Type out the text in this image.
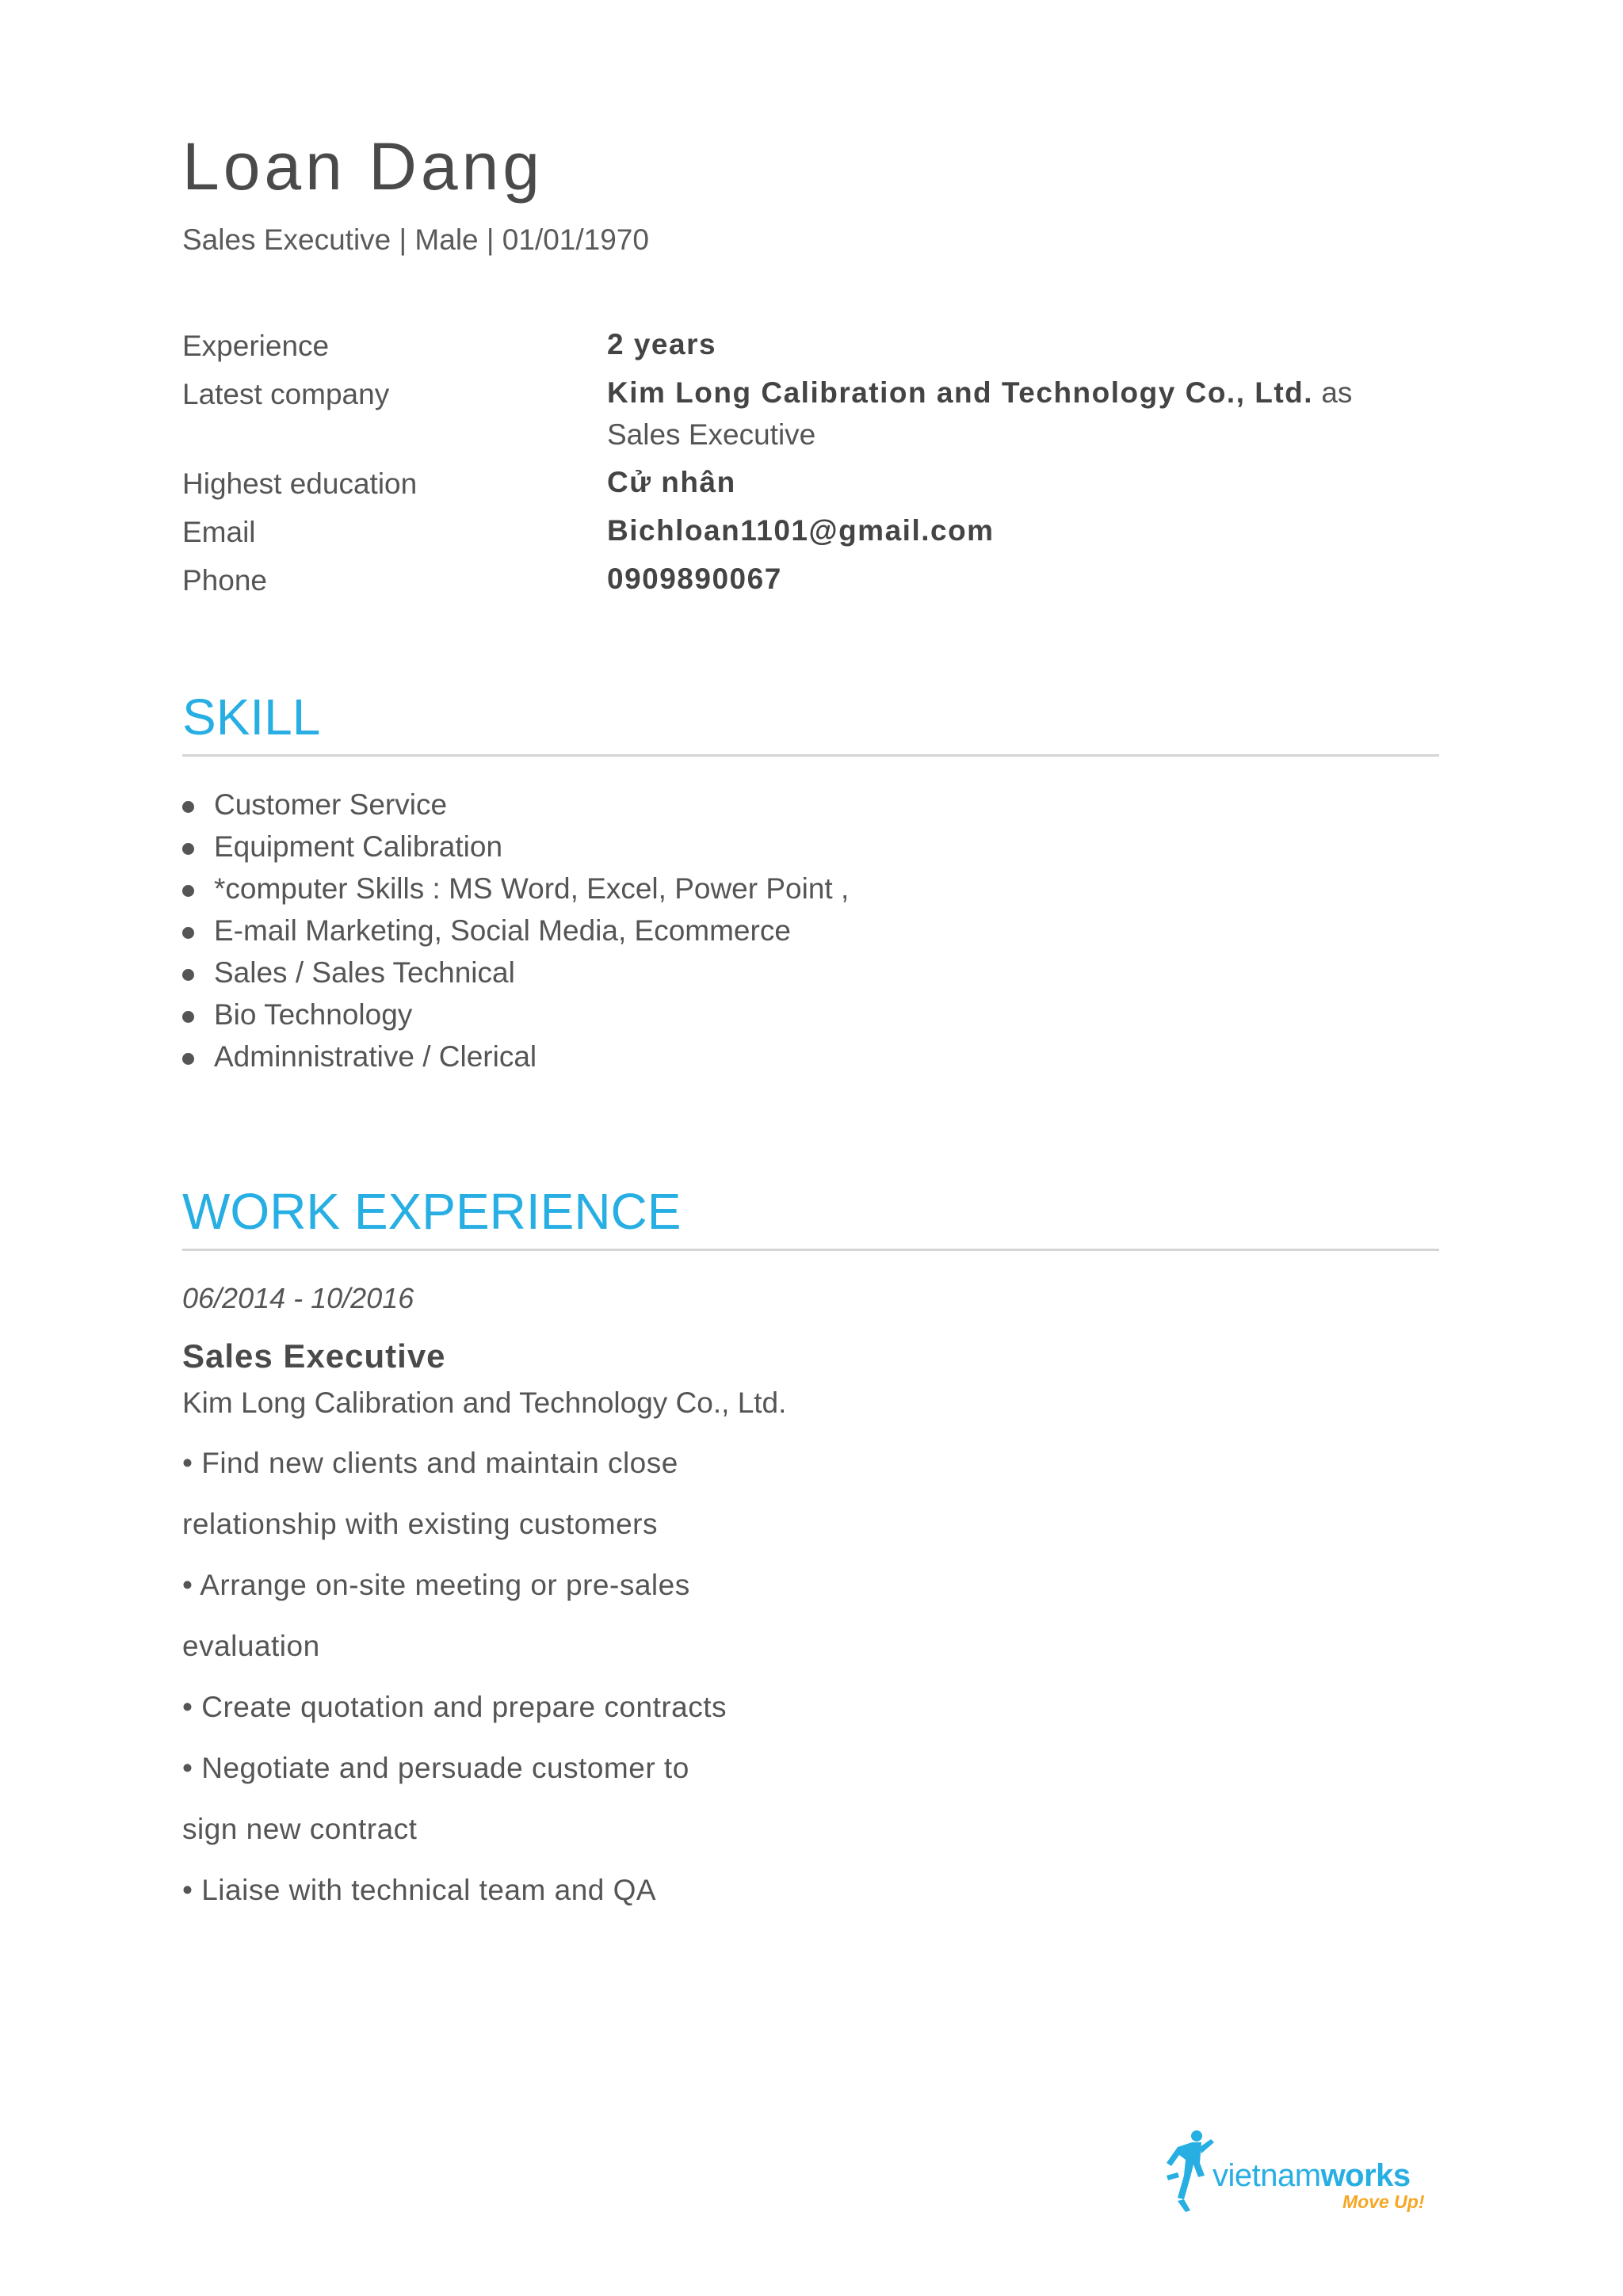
Loan Dang
Sales Executive | Male | 01/01/1970
Experience	2 years
Latest company	Kim Long Calibration and Technology Co., Ltd. as
Sales Executive
Highest education	Cử nhân
Email	Bichloan1101@gmail.com
Phone	0909890067
SKILL
Customer Service
Equipment Calibration
*computer Skills : MS Word, Excel, Power Point ,
E-mail Marketing, Social Media, Ecommerce
Sales / Sales Technical
Bio Technology
Adminnistrative / Clerical
WORK EXPERIENCE
06/2014 - 10/2016
Sales Executive
Kim Long Calibration and Technology Co., Ltd.
• Find new clients and maintain close
relationship with existing customers
• Arrange on-site meeting or pre-sales
evaluation
• Create quotation and prepare contracts
• Negotiate and persuade customer to
sign new contract
• Liaise with technical team and QA
vietnamworks
Move Up!
